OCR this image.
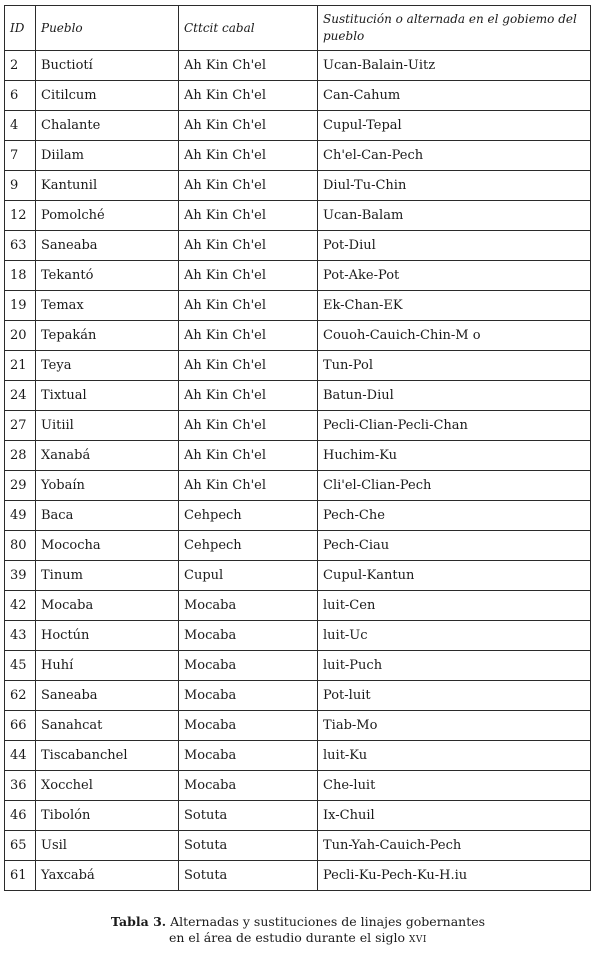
ID	Pueblo	Cttcit cabal	Sustitución o alternada en el gobiemo del pueblo
2	Buctiotí	Ah Kin Ch'el	Ucan-Balain-Uitz
6	Citilcum	Ah Kin Ch'el	Can-Cahum
4	Chalante	Ah Kin Ch'el	Cupul-Tepal
7	Diilam	Ah Kin Ch'el	Ch'el-Can-Pech
9	Kantunil	Ah Kin Ch'el	Diul-Tu-Chin
12	Pomolché	Ah Kin Ch'el	Ucan-Balam
63	Saneaba	Ah Kin Ch'el	Pot-Diul
18	Tekantó	Ah Kin Ch'el	Pot-Ake-Pot
19	Temax	Ah Kin Ch'el	Ek-Chan-EK
20	Tepakán	Ah Kin Ch'el	Couoh-Cauich-Chin-M o
21	Teya	Ah Kin Ch'el	Tun-Pol
24	Tixtual	Ah Kin Ch'el	Batun-Diul
27	Uitiil	Ah Kin Ch'el	Pecli-Clian-Pecli-Chan
28	Xanabá	Ah Kin Ch'el	Huchim-Ku
29	Yobaín	Ah Kin Ch'el	Cli'el-Clian-Pech
49	Baca	Cehpech	Pech-Che
80	Mococha	Cehpech	Pech-Ciau
39	Tinum	Cupul	Cupul-Kantun
42	Mocaba	Mocaba	luit-Cen
43	Hoctún	Mocaba	luit-Uc
45	Huhí	Mocaba	luit-Puch
62	Saneaba	Mocaba	Pot-luit
66	Sanahcat	Mocaba	Tiab-Mo
44	Tiscabanchel	Mocaba	luit-Ku
36	Xocchel	Mocaba	Che-luit
46	Tibolón	Sotuta	Ix-Chuil
65	Usil	Sotuta	Tun-Yah-Cauich-Pech
61	Yaxcabá	Sotuta	Pecli-Ku-Pech-Ku-H.iu
Tabla 3. Alternadas y sustituciones de linajes gobernantes
en el área de estudio durante el siglo XVI
